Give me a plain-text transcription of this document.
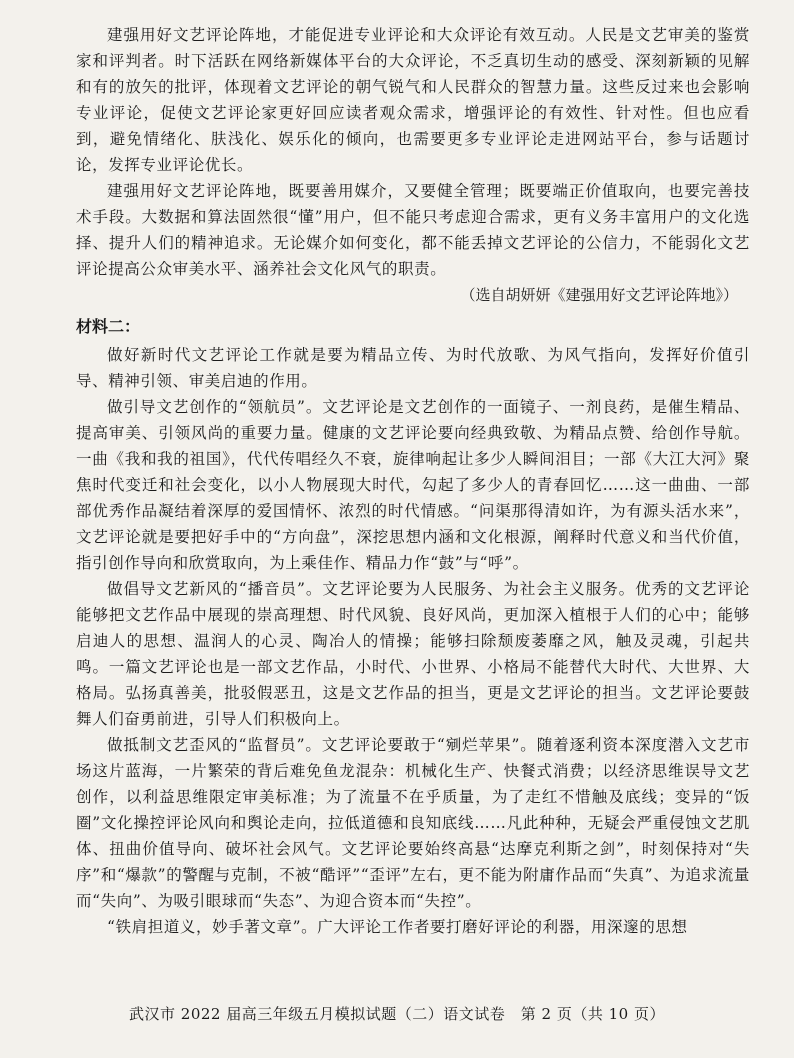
建强用好文艺评论阵地，才能促进专业评论和大众评论有效互动。人民是文艺审美的鉴赏家和评判者。时下活跃在网络新媒体平台的大众评论，不乏真切生动的感受、深刻新颖的见解和有的放矢的批评，体现着文艺评论的朝气锐气和人民群众的智慧力量。这些反过来也会影响专业评论，促使文艺评论家更好回应读者观众需求，增强评论的有效性、针对性。但也应看到，避免情绪化、肤浅化、娱乐化的倾向，也需要更多专业评论走进网站平台，参与话题讨论，发挥专业评论优长。

建强用好文艺评论阵地，既要善用媒介，又要健全管理；既要端正价值取向，也要完善技术手段。大数据和算法固然很“懂”用户，但不能只考虑迎合需求，更有义务丰富用户的文化选择、提升人们的精神追求。无论媒介如何变化，都不能丢掉文艺评论的公信力，不能弱化文艺评论提高公众审美水平、涵养社会文化风气的职责。

（选自胡妍妍《建强用好文艺评论阵地》）

材料二：

做好新时代文艺评论工作就是要为精品立传、为时代放歌、为风气指向，发挥好价值引导、精神引领、审美启迪的作用。

做引导文艺创作的“领航员”。文艺评论是文艺创作的一面镜子、一剂良药，是催生精品、提高审美、引领风尚的重要力量。健康的文艺评论要向经典致敬、为精品点赞、给创作导航。一曲《我和我的祖国》，代代传唱经久不衰，旋律响起让多少人瞬间泪目；一部《大江大河》聚焦时代变迁和社会变化，以小人物展现大时代，勾起了多少人的青春回忆……这一曲曲、一部部优秀作品凝结着深厚的爱国情怀、浓烈的时代情感。“问渠那得清如许，为有源头活水来”，文艺评论就是要把好手中的“方向盘”，深挖思想内涵和文化根源，阐释时代意义和当代价值，指引创作导向和欣赏取向，为上乘佳作、精品力作“鼓”与“呼”。

做倡导文艺新风的“播音员”。文艺评论要为人民服务、为社会主义服务。优秀的文艺评论能够把文艺作品中展现的崇高理想、时代风貌、良好风尚，更加深入植根于人们的心中；能够启迪人的思想、温润人的心灵、陶冶人的情操；能够扫除颓废萎靡之风，触及灵魂，引起共鸣。一篇文艺评论也是一部文艺作品，小时代、小世界、小格局不能替代大时代、大世界、大格局。弘扬真善美，批驳假恶丑，这是文艺作品的担当，更是文艺评论的担当。文艺评论要鼓舞人们奋勇前进，引导人们积极向上。

做抵制文艺歪风的“监督员”。文艺评论要敢于“剜烂苹果”。随着逐利资本深度潜入文艺市场这片蓝海，一片繁荣的背后难免鱼龙混杂：机械化生产、快餐式消费；以经济思维误导文艺创作，以利益思维限定审美标准；为了流量不在乎质量，为了走红不惜触及底线；变异的“饭圈”文化操控评论风向和舆论走向，拉低道德和良知底线……凡此种种，无疑会严重侵蚀文艺肌体、扭曲价值导向、破坏社会风气。文艺评论要始终高悬“达摩克利斯之剑”，时刻保持对“失序”和“爆款”的警醒与克制，不被“酷评”“歪评”左右，更不能为附庸作品而“失真”、为追求流量而“失向”、为吸引眼球而“失态”、为迎合资本而“失控”。

“铁肩担道义，妙手著文章”。广大评论工作者要打磨好评论的利器，用深邃的思想

武汉市 2022 届高三年级五月模拟试题（二）语文试卷　第 2 页（共 10 页）
